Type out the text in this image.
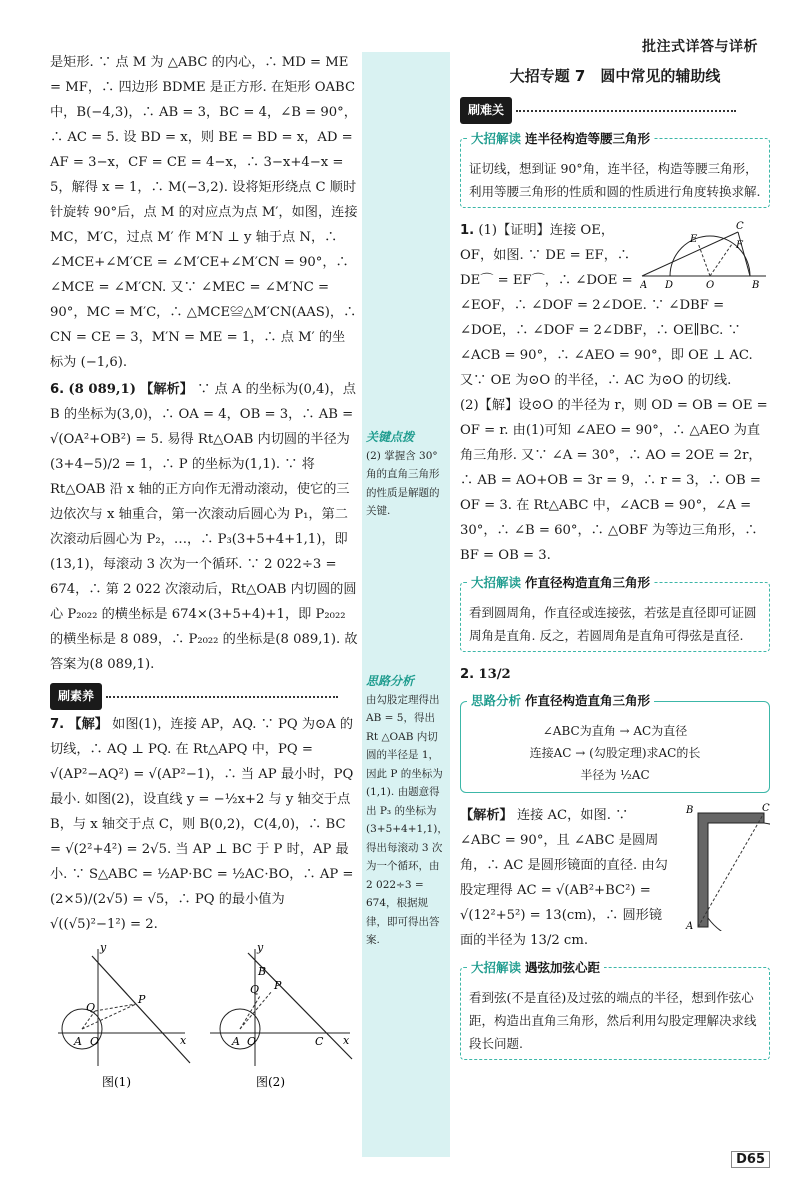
批注式详答与详析

是矩形. ∵ 点 M 为 △ABC 的内心，∴ MD = ME = MF，∴ 四边形 BDME 是正方形. 在矩形 OABC 中，B(−4,3)，∴ AB = 3，BC = 4，∠B = 90°，∴ AC = 5. 设 BD = x，则 BE = BD = x，AD = AF = 3−x，CF = CE = 4−x，∴ 3−x+4−x = 5，解得 x = 1，∴ M(−3,2). 设将矩形绕点 C 顺时针旋转 90°后，点 M 的对应点为点 M′，如图，连接 MC，M′C，过点 M′ 作 M′N ⊥ y 轴于点 N，∴ ∠MCE+∠M′CE = ∠M′CE+∠M′CN = 90°，∴ ∠MCE = ∠M′CN. 又∵ ∠MEC = ∠M′NC = 90°，MC = M′C，∴ △MCE≌△M′CN(AAS)，∴ CN = CE = 3，M′N = ME = 1，∴ 点 M′ 的坐标为 (−1,6).

6. (8 089,1) 【解析】 ∵ 点 A 的坐标为(0,4)，点 B 的坐标为(3,0)，∴ OA = 4，OB = 3，∴ AB = √(OA²+OB²) = 5. 易得 Rt△OAB 内切圆的半径为 (3+4−5)/2 = 1，∴ P 的坐标为(1,1). ∵ 将 Rt△OAB 沿 x 轴的正方向作无滑动滚动，使它的三边依次与 x 轴重合，第一次滚动后圆心为 P₁，第二次滚动后圆心为 P₂，…，∴ P₃(3+5+4+1,1)，即(13,1)，每滚动 3 次为一个循环. ∵ 2 022÷3 = 674，∴ 第 2 022 次滚动后，Rt△OAB 内切圆的圆心 P₂₀₂₂ 的横坐标是 674×(3+5+4)+1，即 P₂₀₂₂ 的横坐标是 8 089，∴ P₂₀₂₂ 的坐标是(8 089,1). 故答案为(8 089,1).

刷素养

7. 【解】 如图(1)，连接 AP，AQ. ∵ PQ 为⊙A 的切线，∴ AQ ⊥ PQ. 在 Rt△APQ 中，PQ = √(AP²−AQ²) = √(AP²−1)，∴ 当 AP 最小时，PQ 最小. 如图(2)，设直线 y = −½x+2 与 y 轴交于点 B，与 x 轴交于点 C，则 B(0,2)，C(4,0)，∴ BC = √(2²+4²) = 2√5. 当 AP ⊥ BC 于 P 时，AP 最小. ∵ S△ABC = ½AP·BC = ½AC·BO，∴ AP = (2×5)/(2√5) = √5，∴ PQ 的最小值为 √((√5)²−1²) = 2.

y
x
Q
P
A O
图(1)
y
x
B
Q P
C
A O
图(2)
关键点拨
(2) 掌握含 30°角的直角三角形的性质是解题的关键.
思路分析
由勾股定理得出 AB = 5，得出 Rt △OAB 内切圆的半径是 1，因此 P 的坐标为(1,1). 由题意得出 P₃ 的坐标为(3+5+4+1,1)，得出每滚动 3 次为一个循环，由 2 022÷3 = 674，根据规律，即可得出答案.
大招专题 7　圆中常见的辅助线
刷难关
大招解读 连半径构造等腰三角形
证切线，想到证 90°角，连半径，构造等腰三角形，利用等腰三角形的性质和圆的性质进行角度转换求解.
A D	O	B
C
E
F

1. (1)【证明】连接 OE，OF，如图. ∵ DE = EF，∴ DE⌒ = EF⌒，∴ ∠DOE = ∠EOF，∴ ∠DOF = 2∠DOE. ∵ ∠DBF = ∠DOE，∴ ∠DOF = 2∠DBF，∴ OE∥BC. ∵ ∠ACB = 90°，∴ ∠AEO = 90°，即 OE ⊥ AC. 又∵ OE 为⊙O 的半径，∴ AC 为⊙O 的切线.

(2)【解】设⊙O 的半径为 r，则 OD = OB = OE = OF = r. 由(1)可知 ∠AEO = 90°，∴ △AEO 为直角三角形. 又∵ ∠A = 30°，∴ AO = 2OE = 2r，∴ AB = AO+OB = 3r = 9，∴ r = 3，∴ OB = OF = 3. 在 Rt△ABC 中，∠ACB = 90°，∠A = 30°，∴ ∠B = 60°，∴ △OBF 为等边三角形，∴ BF = OB = 3.

大招解读 作直径构造直角三角形
看到圆周角，作直径或连接弦，若弦是直径即可证圆周角是直角. 反之，若圆周角是直角可得弦是直径.

2. 13/2

思路分析 作直径构造直角三角形
∠ABC为直角 → AC为直径
连接AC → (勾股定理)求AC的长
半径为 ½AC
B	C
A

【解析】 连接 AC，如图. ∵ ∠ABC = 90°，且 ∠ABC 是圆周角，∴ AC 是圆形镜面的直径. 由勾股定理得 AC = √(AB²+BC²) = √(12²+5²) = 13(cm)，∴ 圆形镜面的半径为 13/2 cm.

大招解读 遇弦加弦心距
看到弦(不是直径)及过弦的端点的半径，想到作弦心距，构造出直角三角形，然后利用勾股定理解决求线段长问题.
D65
